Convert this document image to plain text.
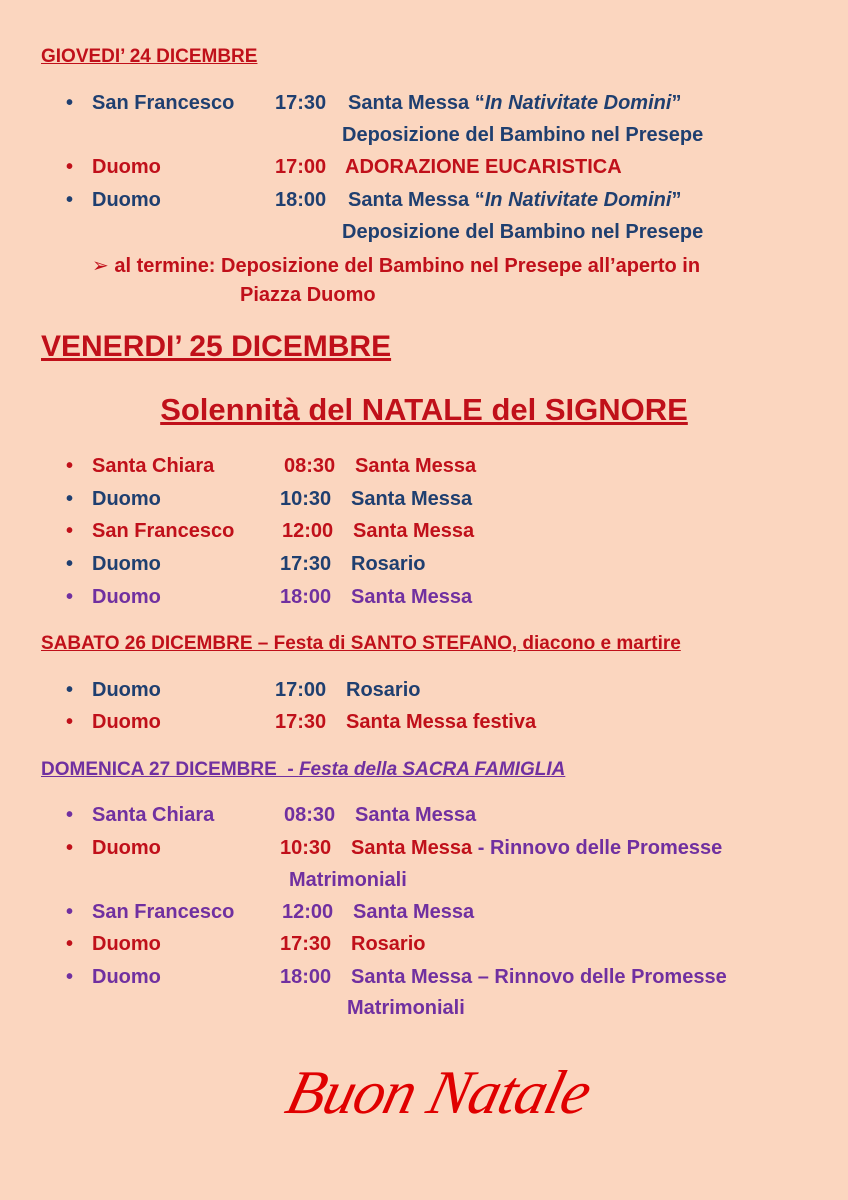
GIOVEDI’ 24 DICEMBRE
• San Francesco 17:30 Santa Messa “In Nativitate Domini”
Deposizione del Bambino nel Presepe
• Duomo	17:00 ADORAZIONE EUCARISTICA
• Duomo	18:00 Santa Messa “In Nativitate Domini”
Deposizione del Bambino nel Presepe
➢ al termine: Deposizione del Bambino nel Presepe all’aperto in
Piazza Duomo
VENERDI’ 25 DICEMBRE
Solennità del NATALE del SIGNORE
• Santa Chiara	08:30 Santa Messa
• Duomo	10:30 Santa Messa
• San Francesco 12:00 Santa Messa
• Duomo	17:30 Rosario
• Duomo	18:00 Santa Messa
SABATO 26 DICEMBRE – Festa di SANTO STEFANO, diacono e martire
• Duomo	17:00 Rosario
• Duomo	17:30 Santa Messa festiva
DOMENICA 27 DICEMBRE  - Festa della SACRA FAMIGLIA
• Santa Chiara	08:30 Santa Messa
• Duomo	10:30 Santa Messa - Rinnovo delle Promesse
Matrimoniali
• San Francesco 12:00 Santa Messa
• Duomo	17:30 Rosario
• Duomo	18:00 Santa Messa – Rinnovo delle Promesse
Matrimoniali
Buon Natale
